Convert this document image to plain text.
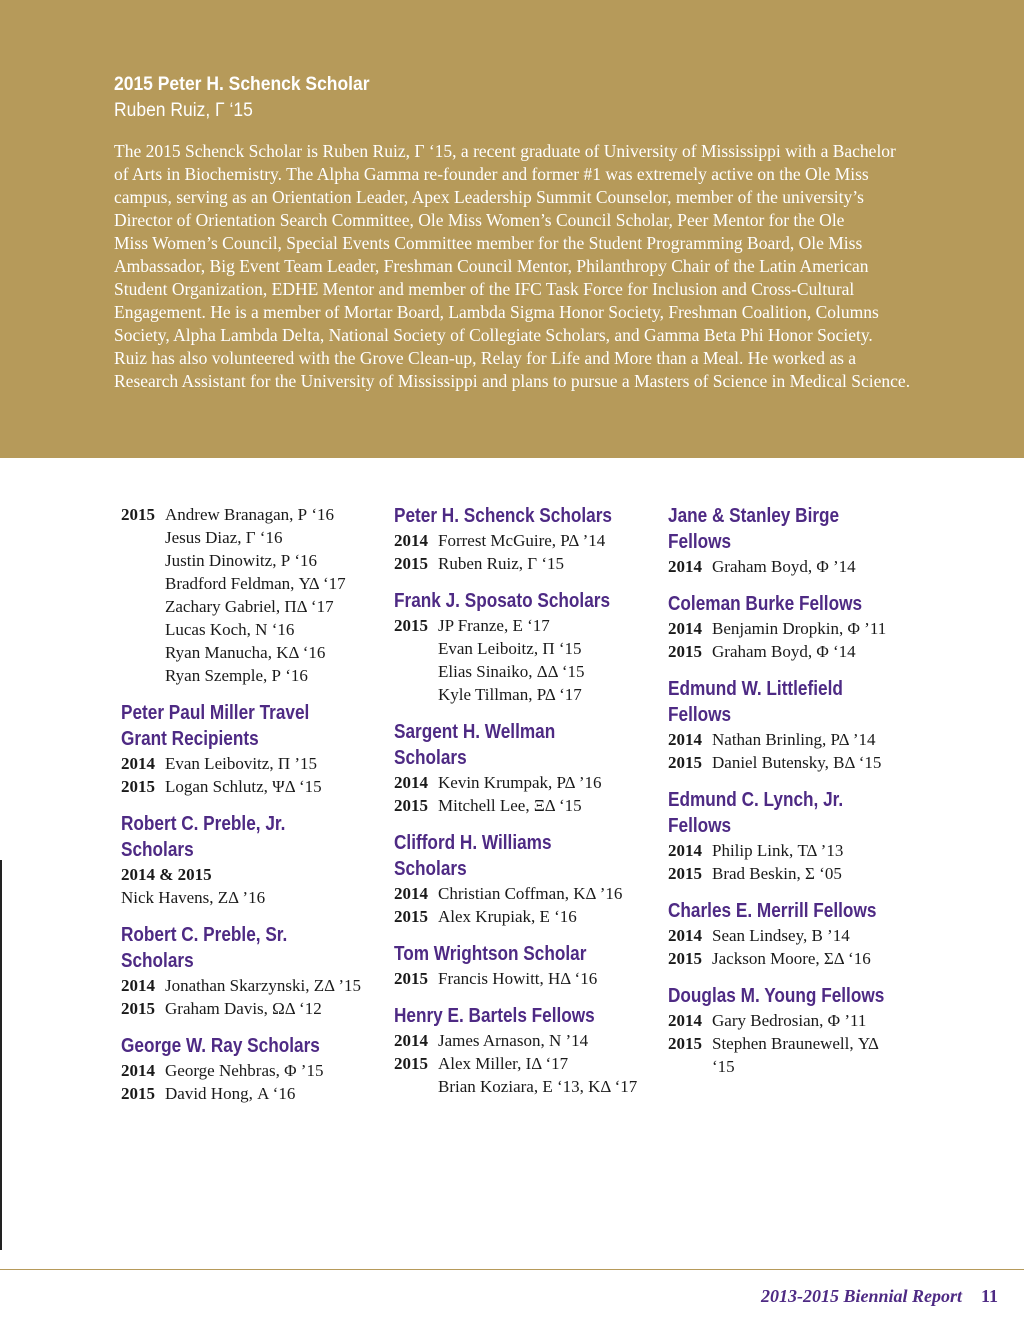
2015 Peter H. Schenck Scholar
Ruben Ruiz, Γ ‘15
The 2015 Schenck Scholar is Ruben Ruiz, Γ ‘15, a recent graduate of University of Mississippi with a Bachelor
of Arts in Biochemistry. The Alpha Gamma re-founder and former #1 was extremely active on the Ole Miss
campus, serving as an Orientation Leader, Apex Leadership Summit Counselor, member of the university’s
Director of Orientation Search Committee, Ole Miss Women’s Council Scholar, Peer Mentor for the Ole
Miss Women’s Council, Special Events Committee member for the Student Programming Board, Ole Miss
Ambassador, Big Event Team Leader, Freshman Council Mentor, Philanthropy Chair of the Latin American
Student Organization, EDHE Mentor and member of the IFC Task Force for Inclusion and Cross-Cultural
Engagement. He is a member of Mortar Board, Lambda Sigma Honor Society, Freshman Coalition, Columns
Society, Alpha Lambda Delta, National Society of Collegiate Scholars, and Gamma Beta Phi Honor Society.
Ruiz has also volunteered with the Grove Clean-up, Relay for Life and More than a Meal. He worked as a
Research Assistant for the University of Mississippi and plans to pursue a Masters of Science in Medical Science.
2015 Andrew Branagan, Ρ ‘16
Jesus Diaz, Γ ‘16
Justin Dinowitz, Ρ ‘16
Bradford Feldman, ΥΔ ‘17
Zachary Gabriel, ΠΔ ‘17
Lucas Koch, Ν ‘16
Ryan Manucha, ΚΔ ‘16
Ryan Szemple, Ρ ‘16
Peter Paul Miller Travel
Grant Recipients
2014 Evan Leibovitz, Π ’15
2015 Logan Schlutz, ΨΔ ‘15
Robert C. Preble, Jr.
Scholars
2014 & 2015
Nick Havens, ΖΔ ’16
Robert C. Preble, Sr.
Scholars
2014 Jonathan Skarzynski, ΖΔ ’15
2015 Graham Davis, ΩΔ ‘12
George W. Ray Scholars
2014 George Nehbras, Φ ’15
2015 David Hong, Α ‘16
Peter H. Schenck Scholars
2014 Forrest McGuire, ΡΔ ’14
2015 Ruben Ruiz, Γ ‘15
Frank J. Sposato Scholars
2015 JP Franze, Ε ‘17
Evan Leiboitz, Π ‘15
Elias Sinaiko, ΔΔ ‘15
Kyle Tillman, ΡΔ ‘17
Sargent H. Wellman
Scholars
2014 Kevin Krumpak, ΡΔ ’16
2015 Mitchell Lee, ΞΔ ‘15
Clifford H. Williams
Scholars
2014 Christian Coffman, ΚΔ ’16
2015 Alex Krupiak, Ε ‘16
Tom Wrightson Scholar
2015 Francis Howitt, ΗΔ ‘16
Henry E. Bartels Fellows
2014 James Arnason, Ν ’14
2015 Alex Miller, ΙΔ ‘17
Brian Koziara, Ε ‘13, ΚΔ ‘17
Jane & Stanley Birge
Fellows
2014 Graham Boyd, Φ ’14
Coleman Burke Fellows
2014 Benjamin Dropkin, Φ ’11
2015 Graham Boyd, Φ ‘14
Edmund W. Littlefield
Fellows
2014 Nathan Brinling, ΡΔ ’14
2015 Daniel Butensky, ΒΔ ‘15
Edmund C. Lynch, Jr.
Fellows
2014 Philip Link, ΤΔ ’13
2015 Brad Beskin, Σ ‘05
Charles E. Merrill Fellows
2014 Sean Lindsey, Β ’14
2015 Jackson Moore, ΣΔ ‘16
Douglas M. Young Fellows
2014 Gary Bedrosian, Φ ’11
2015 Stephen Braunewell, ΥΔ
‘15
2013-2015 Biennial Report 11
